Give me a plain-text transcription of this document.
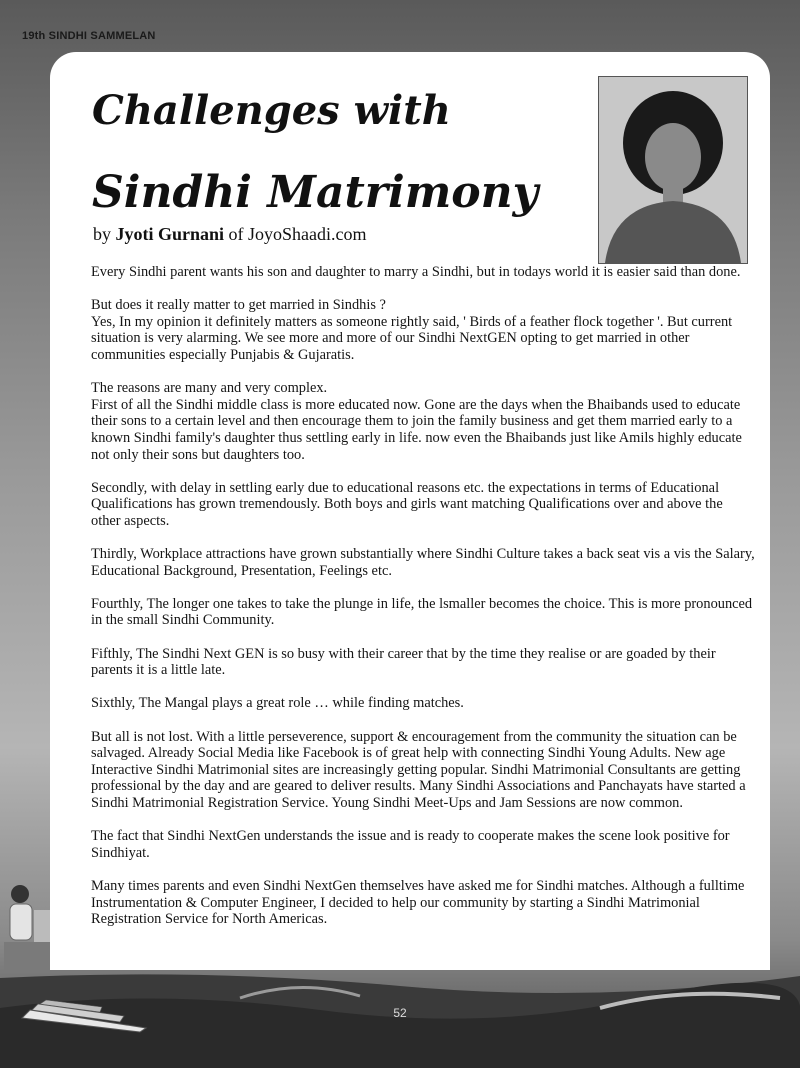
19th SINDHI SAMMELAN
Challenges with
Sindhi Matrimony
by Jyoti Gurnani of JoyoShaadi.com

Every Sindhi parent wants his son and daughter to marry a Sindhi, but in todays world it is easier said than done.

But does it really matter to get married in Sindhis ?
Yes, In my opinion it definitely matters as someone rightly said, ' Birds of a feather flock together '. But current situation is very alarming. We see more and more of our Sindhi NextGEN opting to get married in other communities especially Punjabis & Gujaratis.

The reasons are many and very complex.
First of all the Sindhi middle class is more educated now. Gone are the days when the Bhaibands used to educate their sons to a certain level and then encourage them to join the family business and get them married early to a known Sindhi family's daughter thus settling early in life. now even the Bhaibands just like Amils highly educate not only their sons but daughters too.

Secondly, with delay in settling early due to educational reasons etc. the expectations in terms of Educational Qualifications has grown tremendously. Both boys and girls want matching Qualifications over and above the other aspects.

Thirdly, Workplace attractions have grown substantially where Sindhi Culture takes a back seat vis a vis the Salary, Educational Background, Presentation, Feelings etc.

Fourthly, The longer one takes to take the plunge in life, the lsmaller becomes the choice. This is more pronounced in the small Sindhi Community.

Fifthly, The Sindhi Next GEN is so busy with their career that by the time they realise or are goaded by their parents it is a little late.

Sixthly, The Mangal plays a great role … while finding matches.

But all is not lost. With a little perseverence, support & encouragement from the community the situation can be salvaged. Already Social Media like Facebook is of great help with connecting Sindhi Young Adults. New age Interactive Sindhi Matrimonial sites are increasingly getting popular. Sindhi Matrimonial Consultants are getting professional by the day and are geared to deliver results. Many Sindhi Associations and Panchayats have started a Sindhi Matrimonial Registration Service. Young Sindhi Meet-Ups and Jam Sessions are now common.

The fact that Sindhi NextGen understands the issue and is ready to cooperate makes the scene look positive for Sindhiyat.

Many times parents and even Sindhi NextGen themselves have asked me for Sindhi matches. Although a fulltime Instrumentation & Computer Engineer, I decided to help our community by starting a Sindhi Matrimonial Registration Service for North Americas.

52
